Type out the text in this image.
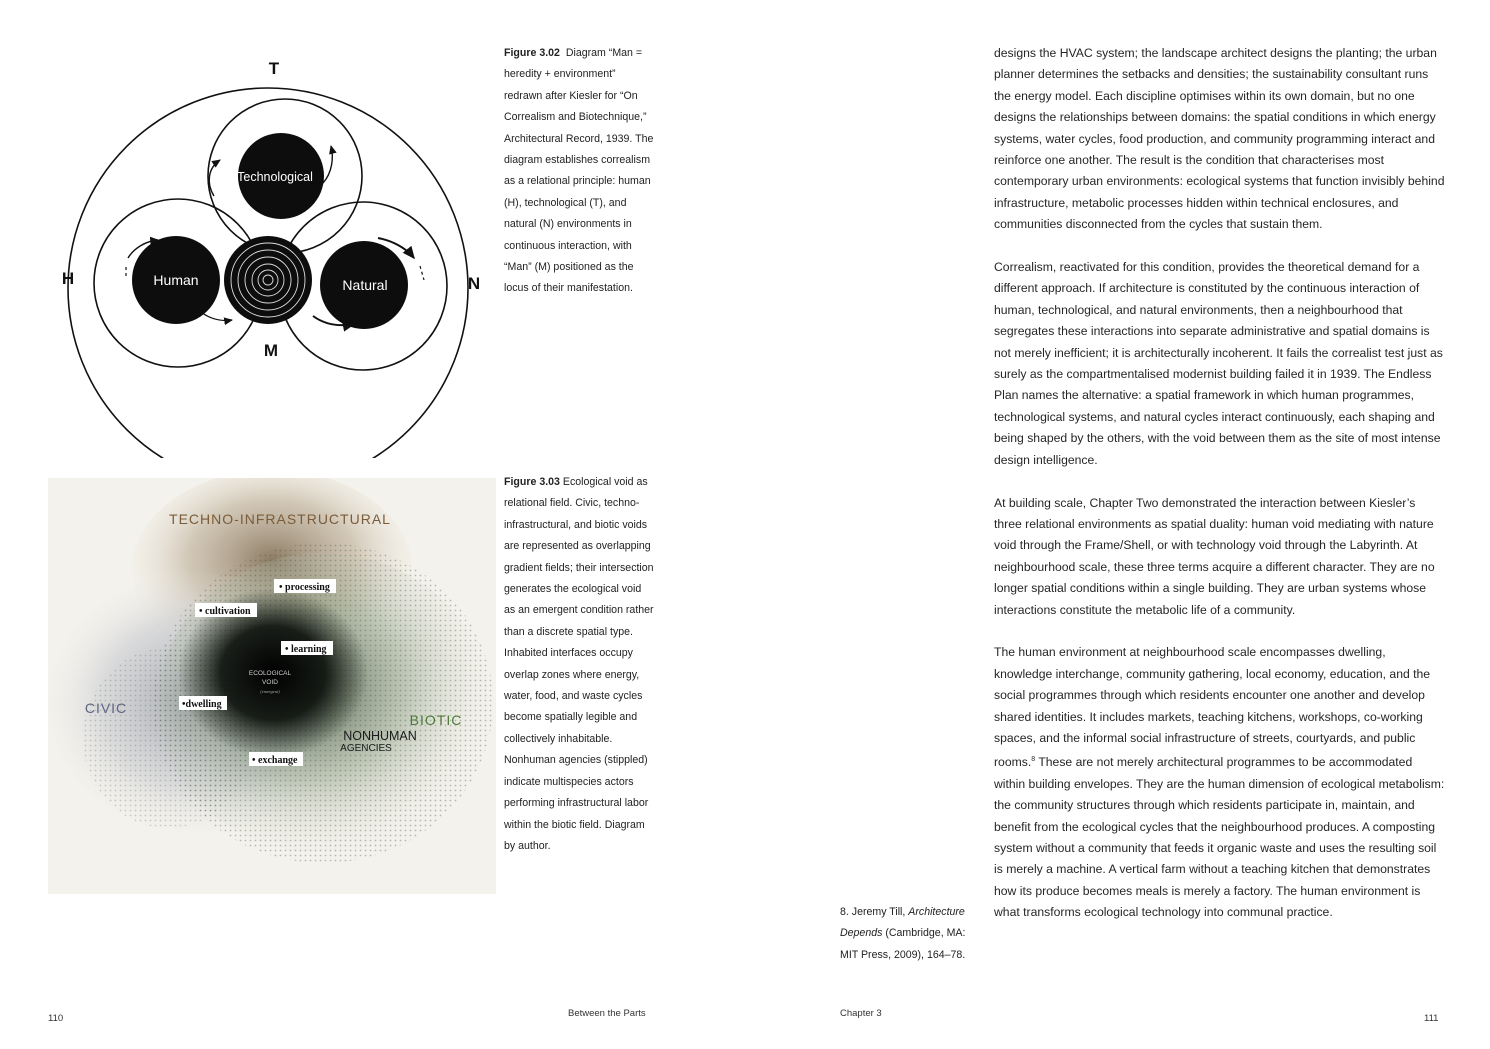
Technological
Human	Natural
T
H	N
M
Figure 3.02 Diagram “Man = heredity + environment” redrawn after Kiesler for “On Correalism and Biotechnique,” Architectural Record, 1939. The diagram establishes correalism as a relational principle: human (H), technological (T), and natural (N) environments in continuous interaction, with “Man” (M) positioned as the locus of their manifestation.
TECHNO-INFRASTRUCTURAL
CIVIC
BIOTIC
NONHUMAN
AGENCIES
ECOLOGICAL
VOID
(emergent)
• processing
• cultivation
• learning
•dwelling
• exchange
Figure 3.03 Ecological void as relational field. Civic, techno-infrastructural, and biotic voids are represented as overlapping gradient fields; their intersection generates the ecological void as an emergent condition rather than a discrete spatial type. Inhabited interfaces occupy overlap zones where energy, water, food, and waste cycles become spatially legible and collectively inhabitable. Nonhuman agencies (stippled) indicate multispecies actors performing infrastructural labor within the biotic field. Diagram by author.

designs the HVAC system; the landscape architect designs the planting; the urban planner determines the setbacks and densities; the sustainability consultant runs the energy model. Each discipline optimises within its own domain, but no one designs the relationships between domains: the spatial conditions in which energy systems, water cycles, food production, and community programming interact and reinforce one another. The result is the condition that characterises most contemporary urban environments: ecological systems that function invisibly behind infrastructure, metabolic processes hidden within technical enclosures, and communities disconnected from the cycles that sustain them.

Correalism, reactivated for this condition, provides the theoretical demand for a different approach. If architecture is constituted by the continuous interaction of human, technological, and natural environments, then a neighbourhood that segregates these interactions into separate administrative and spatial domains is not merely inefficient; it is architecturally incoherent. It fails the correalist test just as surely as the compartmentalised modernist building failed it in 1939. The Endless Plan names the alternative: a spatial framework in which human programmes, technological systems, and natural cycles interact continuously, each shaping and being shaped by the others, with the void between them as the site of most intense design intelligence.

At building scale, Chapter Two demonstrated the interaction between Kiesler’s three relational environments as spatial duality: human void mediating with nature void through the Frame/Shell, or with technology void through the Labyrinth. At neighbourhood scale, these three terms acquire a different character. They are no longer spatial conditions within a single building. They are urban systems whose interactions constitute the metabolic life of a community.

The human environment at neighbourhood scale encompasses dwelling, knowledge interchange, community gathering, local economy, education, and the social programmes through which residents encounter one another and develop shared identities. It includes markets, teaching kitchens, workshops, co-working spaces, and the informal social infrastructure of streets, courtyards, and public rooms.$^8$ These are not merely architectural programmes to be accommodated within building envelopes. They are the human dimension of ecological metabolism: the community structures through which residents participate in, maintain, and benefit from the ecological cycles that the neighbourhood produces. A composting system without a community that feeds it organic waste and uses the resulting soil is merely a machine. A vertical farm without a teaching kitchen that demonstrates how its produce becomes meals is merely a factory. The human environment is what transforms ecological technology into communal practice.

8. Jeremy Till, Architecture Depends (Cambridge, MA: MIT Press, 2009), 164–78.
110	Between the Parts	Chapter 3	111
